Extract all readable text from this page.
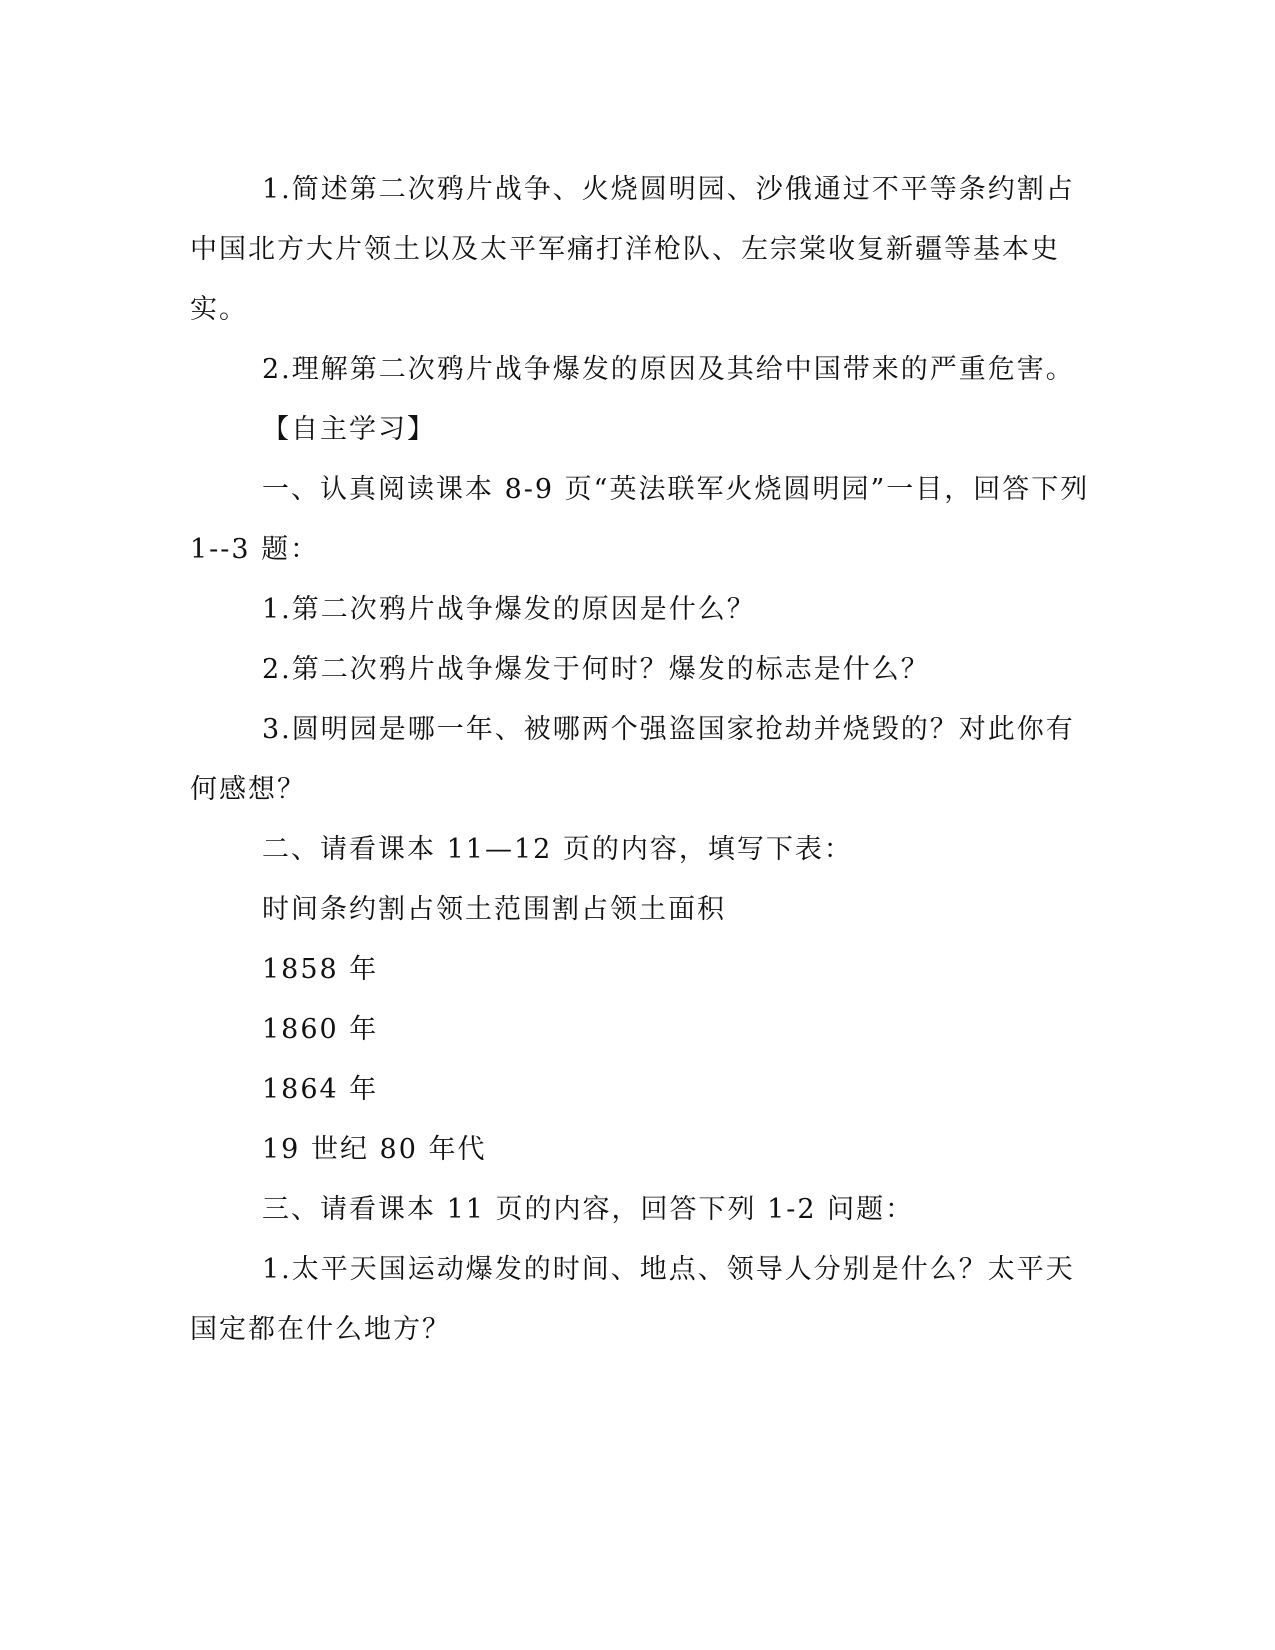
1.简述第二次鸦片战争、火烧圆明园、沙俄通过不平等条约割占
中国北方大片领土以及太平军痛打洋枪队、左宗棠收复新疆等基本史
实。
2.理解第二次鸦片战争爆发的原因及其给中国带来的严重危害。
【自主学习】
一、认真阅读课本 8-9 页“英法联军火烧圆明园”一目，回答下列
1--3 题：
1.第二次鸦片战争爆发的原因是什么？
2.第二次鸦片战争爆发于何时？爆发的标志是什么？
3.圆明园是哪一年、被哪两个强盗国家抢劫并烧毁的？对此你有
何感想？
二、请看课本 11—12 页的内容，填写下表：
时间条约割占领土范围割占领土面积
1858 年
1860 年
1864 年
19 世纪 80 年代
三、请看课本 11 页的内容，回答下列 1-2 问题：
1.太平天国运动爆发的时间、地点、领导人分别是什么？太平天
国定都在什么地方？
